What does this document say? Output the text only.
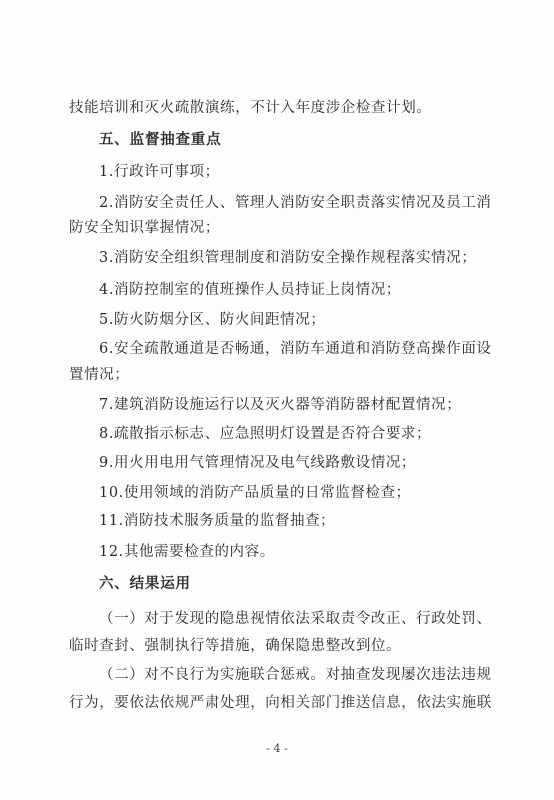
技能培训和灭火疏散演练，不计入年度涉企检查计划。
五、监督抽查重点
1.行政许可事项；
2.消防安全责任人、管理人消防安全职责落实情况及员工消
防安全知识掌握情况；
3.消防安全组织管理制度和消防安全操作规程落实情况；
4.消防控制室的值班操作人员持证上岗情况；
5.防火防烟分区、防火间距情况；
6.安全疏散通道是否畅通，消防车通道和消防登高操作面设
置情况；
7.建筑消防设施运行以及灭火器等消防器材配置情况；
8.疏散指示标志、应急照明灯设置是否符合要求；
9.用火用电用气管理情况及电气线路敷设情况；
10.使用领域的消防产品质量的日常监督检查；
11.消防技术服务质量的监督抽查；
12.其他需要检查的内容。
六、结果运用
（一）对于发现的隐患视情依法采取责令改正、行政处罚、
临时查封、强制执行等措施，确保隐患整改到位。
（二）对不良行为实施联合惩戒。对抽查发现屡次违法违规
行为，要依法依规严肃处理，向相关部门推送信息，依法实施联
- 4 -
